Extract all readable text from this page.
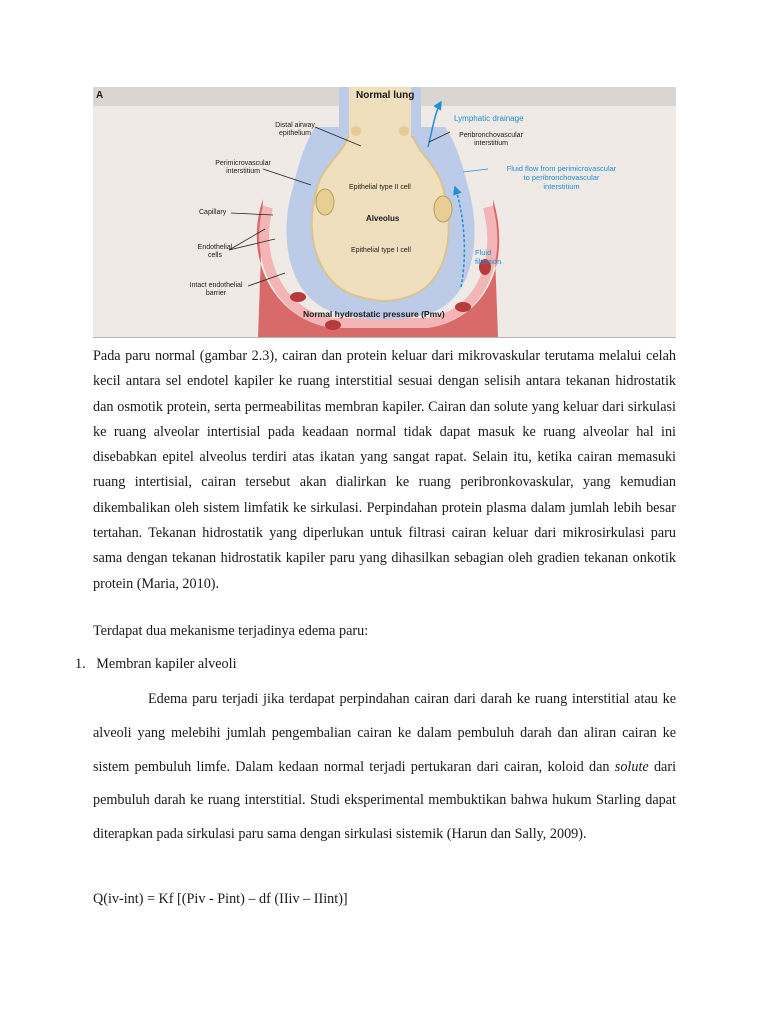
A	Normal lung
Distal airway
epithelium
Perimicrovascular
interstitium
Capillary
Endothelial
cells
Intact endothelial
barrier
Lymphatic drainage
Peribronchovascular
interstitium
Fluid flow from perimicrovascular
to peribronchovascular
interstitium
Epithelial type II cell
Alveolus
Epithelial type I cell	Fluid
filtration
Normal hydrostatic pressure (Pmv)

Pada paru normal (gambar 2.3), cairan dan protein keluar dari mikrovaskular terutama melalui celah kecil antara sel endotel kapiler ke ruang interstitial sesuai dengan selisih antara tekanan hidrostatik dan osmotik protein, serta permeabilitas membran kapiler. Cairan dan solute yang keluar dari sirkulasi ke ruang alveolar intertisial pada keadaan normal tidak dapat masuk ke ruang alveolar hal ini disebabkan epitel alveolus terdiri atas ikatan yang sangat rapat. Selain itu, ketika cairan memasuki ruang intertisial, cairan tersebut akan dialirkan ke ruang peribronkovaskular, yang kemudian dikembalikan oleh sistem limfatik ke sirkulasi. Perpindahan protein plasma dalam jumlah lebih besar tertahan. Tekanan hidrostatik yang diperlukan untuk filtrasi cairan keluar dari mikrosirkulasi paru sama dengan tekanan hidrostatik kapiler paru yang dihasilkan sebagian oleh gradien tekanan onkotik protein (Maria, 2010).

Terdapat dua mekanisme terjadinya edema paru:

1. Membran kapiler alveoli

Edema paru terjadi jika terdapat perpindahan cairan dari darah ke ruang interstitial atau ke alveoli yang melebihi jumlah pengembalian cairan ke dalam pembuluh darah dan aliran cairan ke sistem pembuluh limfe. Dalam kedaan normal terjadi pertukaran dari cairan, koloid dan solute dari pembuluh darah ke ruang interstitial. Studi eksperimental membuktikan bahwa hukum Starling dapat diterapkan pada sirkulasi paru sama dengan sirkulasi sistemik (Harun dan Sally, 2009).

Q(iv-int) = Kf [(Piv - Pint) – df (IIiv – IIint)]
